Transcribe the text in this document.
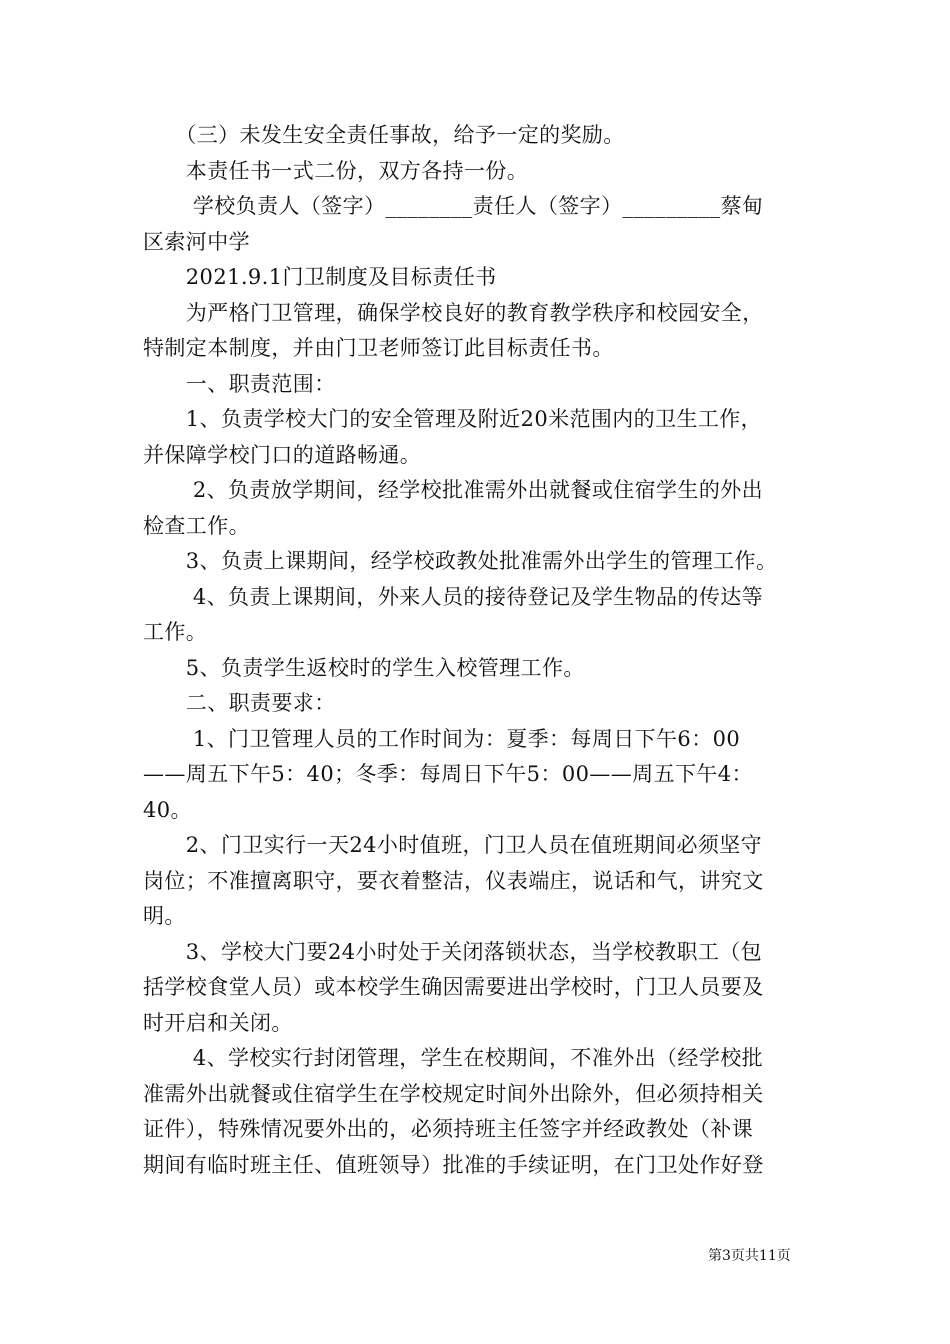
　　（三）未发生安全责任事故，给予一定的奖励。
　　本责任书一式二份，双方各持一份。
　　 学校负责人（签字）________责任人（签字）_________蔡甸
区索河中学
　　2021.9.1门卫制度及目标责任书
　　为严格门卫管理，确保学校良好的教育教学秩序和校园安全，
特制定本制度，并由门卫老师签订此目标责任书。
　　一、职责范围：
　　1、负责学校大门的安全管理及附近20米范围内的卫生工作，
并保障学校门口的道路畅通。
　　 2、负责放学期间，经学校批准需外出就餐或住宿学生的外出
检查工作。
　　3、负责上课期间，经学校政教处批准需外出学生的管理工作。
　　 4、负责上课期间，外来人员的接待登记及学生物品的传达等
工作。
　　5、负责学生返校时的学生入校管理工作。
　　二、职责要求：
　　 1、门卫管理人员的工作时间为：夏季：每周日下午6：00
——周五下午5：40；冬季：每周日下午5：00——周五下午4：
40。
　　2、门卫实行一天24小时值班，门卫人员在值班期间必须坚守
岗位；不准擅离职守，要衣着整洁，仪表端庄，说话和气，讲究文
明。
　　3、学校大门要24小时处于关闭落锁状态，当学校教职工（包
括学校食堂人员）或本校学生确因需要进出学校时，门卫人员要及
时开启和关闭。
　　 4、学校实行封闭管理，学生在校期间，不准外出（经学校批
准需外出就餐或住宿学生在学校规定时间外出除外，但必须持相关
证件），特殊情况要外出的，必须持班主任签字并经政教处（补课
期间有临时班主任、值班领导）批准的手续证明，在门卫处作好登
第3页共11页
